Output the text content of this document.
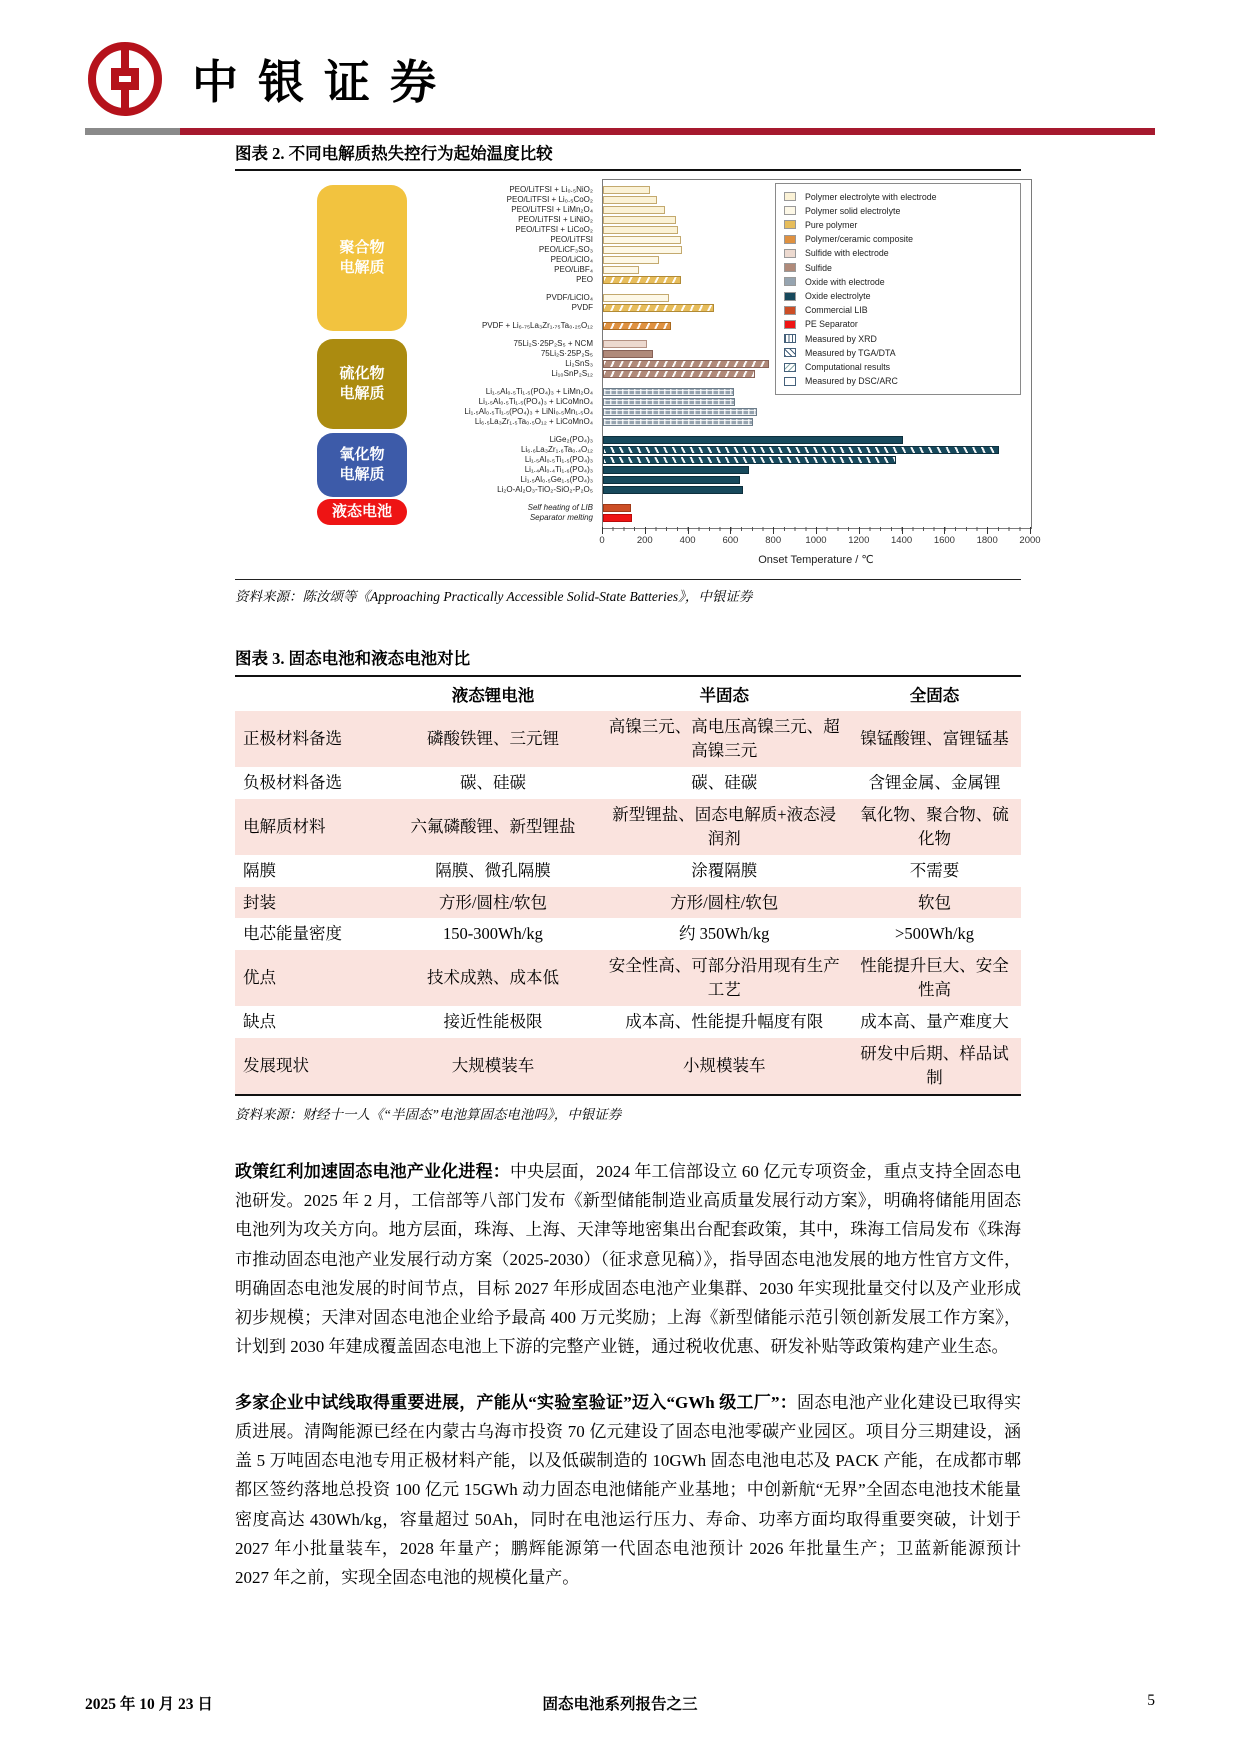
中银证券
图表 2. 不同电解质热失控行为起始温度比较
聚合物
电解质
硫化物
电解质
氧化物
电解质
液态电池
PEO/LiTFSI + Li₀.₅NiO₂
PEO/LiTFSI + Li₀.₅CoO₂
PEO/LiTFSI + LiMn₂O₄
PEO/LiTFSI + LiNiO₂
PEO/LiTFSI + LiCoO₂
PEO/LiTFSI
PEO/LiCF₃SO₃
PEO/LiClO₄
PEO/LiBF₄
PEO
PVDF/LiClO₄
PVDF
PVDF + Li₆.₇₅La₃Zr₁.₇₅Ta₀.₂₅O₁₂
75Li₂S·25P₂S₅ + NCM
75Li₂S·25P₂S₅
Li₂SnS₃
Li₁₀SnP₂S₁₂
Li₁.₅Al₀.₅Ti₁.₅(PO₄)₃ + LiMn₂O₄
Li₁.₅Al₀.₅Ti₁.₅(PO₄)₃ + LiCoMnO₄
Li₁.₅Al₀.₅Ti₁.₅(PO₄)₃ + LiNi₀.₅Mn₁.₅O₄
Li₆.₅La₃Zr₁.₅Ta₀.₅O₁₂ + LiCoMnO₄
LiGe₂(PO₄)₃
Li₆.₆La₃Zr₁.₆Ta₀.₄O₁₂
Li₁.₅Al₀.₅Ti₁.₅(PO₄)₃
Li₁.₄Al₀.₄Ti₁.₆(PO₄)₃
Li₁.₅Al₀.₅Ge₁.₅(PO₄)₃
Li₂O-Al₂O₃-TiO₂-SiO₂-P₂O₅
Self heating of LIB
Separator melting
Polymer electrolyte with electrode
Polymer solid electrolyte
Pure polymer
Polymer/ceramic composite
Sulfide with electrode
Sulfide
Oxide with electrode
Oxide electrolyte
Commercial LIB
PE Separator
Measured by XRD
Measured by TGA/DTA
Computational results
Measured by DSC/ARC
0	200	400	600	800	1000 1200 1400 1600 1800 2000
Onset Temperature / ℃
资料来源：陈汝颂等《Approaching Practically Accessible Solid-State Batteries》，中银证券
图表 3. 固态电池和液态电池对比
	液态锂电池	半固态	全固态
正极材料备选	磷酸铁锂、三元锂	高镍三元、高电压高镍三元、超高镍三元	镍锰酸锂、富锂锰基
负极材料备选	碳、硅碳	碳、硅碳	含锂金属、金属锂
电解质材料	六氟磷酸锂、新型锂盐	新型锂盐、固态电解质+液态浸润剂	氧化物、聚合物、硫化物
隔膜	隔膜、微孔隔膜	涂覆隔膜	不需要
封装	方形/圆柱/软包	方形/圆柱/软包	软包
电芯能量密度	150-300Wh/kg	约 350Wh/kg	>500Wh/kg
优点	技术成熟、成本低	安全性高、可部分沿用现有生产工艺	性能提升巨大、安全性高
缺点	接近性能极限	成本高、性能提升幅度有限	成本高、量产难度大
发展现状	大规模装车	小规模装车	研发中后期、样品试制
资料来源：财经十一人《“半固态”电池算固态电池吗》，中银证券

政策红利加速固态电池产业化进程：中央层面，2024 年工信部设立 60 亿元专项资金，重点支持全固态电池研发。2025 年 2 月，工信部等八部门发布《新型储能制造业高质量发展行动方案》，明确将储能用固态电池列为攻关方向。地方层面，珠海、上海、天津等地密集出台配套政策，其中，珠海工信局发布《珠海市推动固态电池产业发展行动方案（2025-2030）（征求意见稿）》，指导固态电池发展的地方性官方文件，明确固态电池发展的时间节点，目标 2027 年形成固态电池产业集群、2030 年实现批量交付以及产业形成初步规模；天津对固态电池企业给予最高 400 万元奖励；上海《新型储能示范引领创新发展工作方案》，计划到 2030 年建成覆盖固态电池上下游的完整产业链，通过税收优惠、研发补贴等政策构建产业生态。

多家企业中试线取得重要进展，产能从“实验室验证”迈入“GWh 级工厂”：固态电池产业化建设已取得实质进展。清陶能源已经在内蒙古乌海市投资 70 亿元建设了固态电池零碳产业园区。项目分三期建设，涵盖 5 万吨固态电池专用正极材料产能，以及低碳制造的 10GWh 固态电池电芯及 PACK 产能，在成都市郫都区签约落地总投资 100 亿元 15GWh 动力固态电池储能产业基地；中创新航“无界”全固态电池技术能量密度高达 430Wh/kg，容量超过 50Ah，同时在电池运行压力、寿命、功率方面均取得重要突破，计划于 2027 年小批量装车，2028 年量产；鹏辉能源第一代固态电池预计 2026 年批量生产；卫蓝新能源预计 2027 年之前，实现全固态电池的规模化量产。

2025 年 10 月 23 日	固态电池系列报告之三	5
